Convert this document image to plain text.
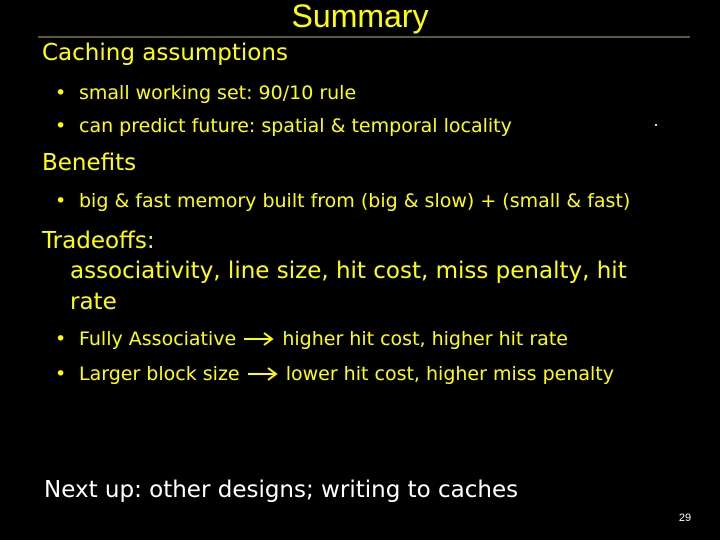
Summary
Caching assumptions
• small working set: 90/10 rule
• can predict future: spatial & temporal locality
Benefits
• big & fast memory built from (big & slow) + (small & fast)
Tradeoffs:
associativity, line size, hit cost, miss penalty, hit
rate
• Fully Associative higher hit cost, higher hit rate
• Larger block size lower hit cost, higher miss penalty
Next up: other designs; writing to caches
29
